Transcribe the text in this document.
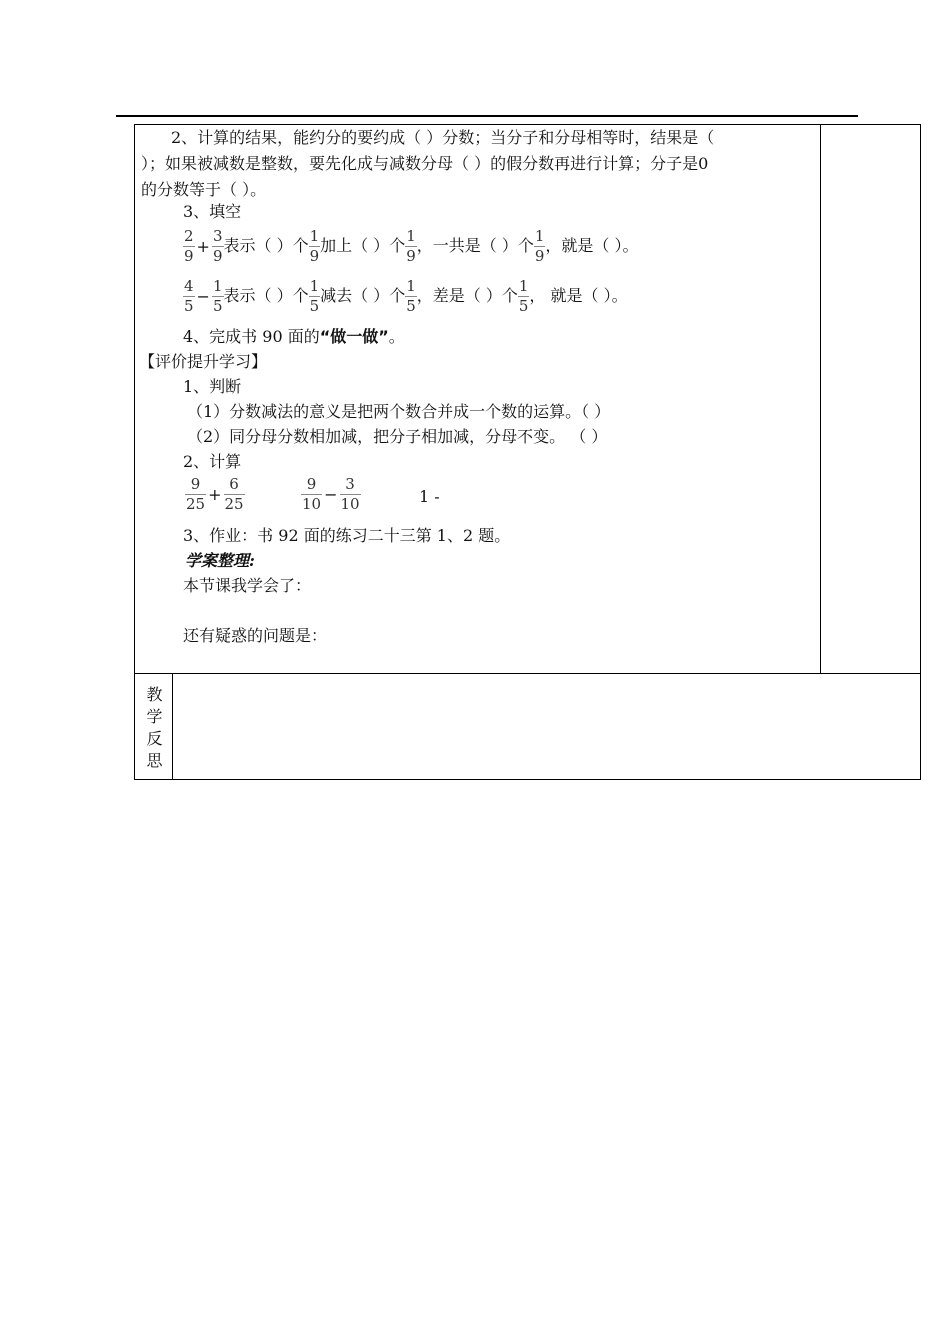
2、计算的结果，能约分的要约成（ ）分数；当分子和分母相等时，结果是（
）；如果被减数是整数，要先化成与减数分母（ ）的假分数再进行计算；分子是0
的分数等于（ ）。
3、填空
$\frac{2}{9} + \frac{3}{9}$ 表示（ ）个 $\frac{1}{9}$ 加上（ ）个 $\frac{1}{9}$ ，一共是（ ）个 $\frac{1}{9}$ ，就是（ ）。
$\frac{4}{5} - \frac{1}{5}$ 表示（ ）个 $\frac{1}{5}$ 减去（ ）个 $\frac{1}{5}$ ，差是（ ）个 $\frac{1}{5}$ ， 就是（ ）。
4、完成书 90 面的“做一做”。
【评价提升学习】
1、判断
（1）分数减法的意义是把两个数合并成一个数的运算。（ ）
（2）同分母分数相加减，把分子相加减，分母不变。 （ ）
2、计算
$\frac{9}{25} + \frac{6}{25}$	$\frac{9}{10} - \frac{3}{10}$	1 -
3、作业：书 92 面的练习二十三第 1、2 题。
学案整理:
本节课我学会了：
还有疑惑的问题是：
教
学
反
思
